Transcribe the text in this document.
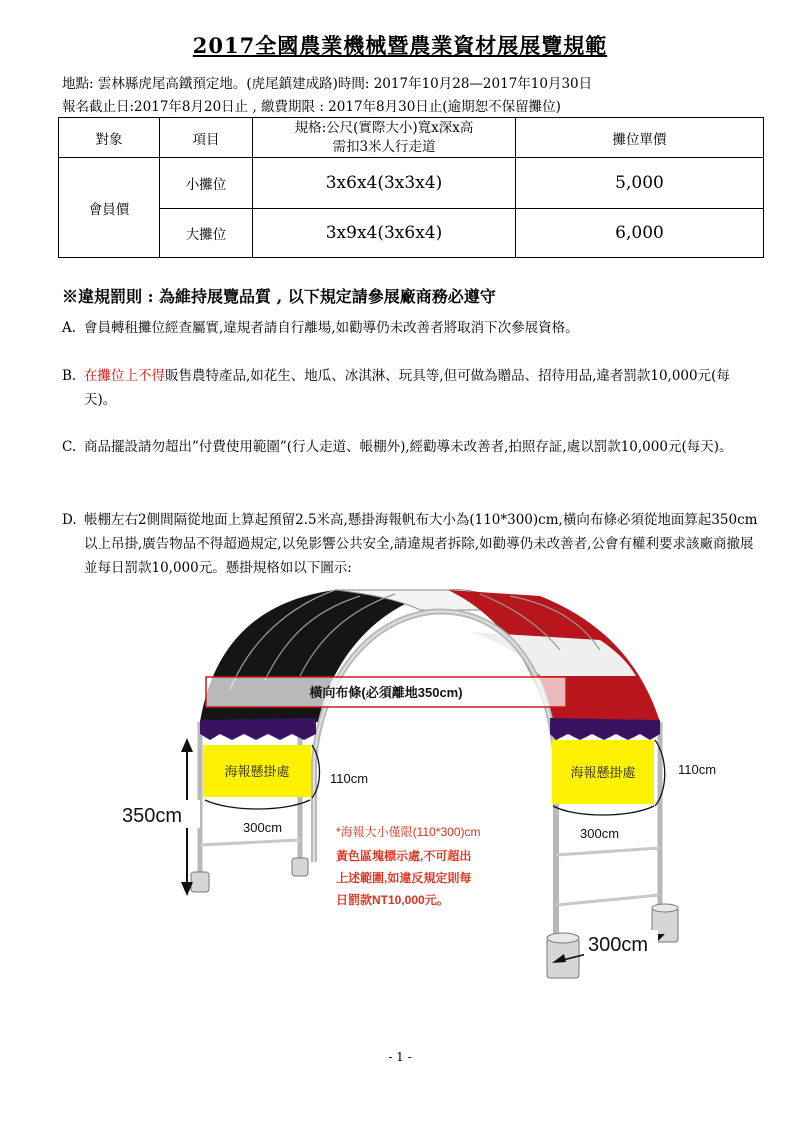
2017全國農業機械暨農業資材展展覽規範
地點: 雲林縣虎尾高鐵預定地。(虎尾鎮建成路)時間: 2017年10月28—2017年10月30日
報名截止日:2017年8月20日止 , 繳費期限 : 2017年8月30日止(逾期恕不保留攤位)
對象	項目	規格:公尺(實際大小)寬x深x高
需扣3米人行走道	攤位單價
會員價	小攤位	3x6x4(3x3x4)	5,000
	大攤位	3x9x4(3x6x4)	6,000
※違規罰則 : 為維持展覽品質 , 以下規定請參展廠商務必遵守
A. 會員轉租攤位經查屬實,違規者請自行離場,如勸導仍未改善者將取消下次參展資格。
B. 在攤位上不得販售農特產品,如花生、地瓜、冰淇淋、玩具等,但可做為贈品、招待用品,違者罰款10,000元(每天)。
C. 商品擺設請勿超出”付費使用範圍”(行人走道、帳棚外),經勸導未改善者,拍照存証,處以罰款10,000元(每天)。
D. 帳棚左右2側間隔從地面上算起預留2.5米高,懸掛海報帆布大小為(110*300)cm,橫向布條必須從地面算起350cm以上吊掛,廣告物品不得超過規定,以免影響公共安全,請違規者拆除,如勸導仍未改善者,公會有權利要求該廠商撤展並每日罰款10,000元。懸掛規格如以下圖示:
橫向布條(必須離地350cm)
海報懸掛處	海報懸掛處
110cm
110cm
300cm	300cm
350cm
300cm
*海報大小僅限(110*300)cm
黃色區塊標示處,不可超出
上述範圍,如違反規定則每
日罰款NT10,000元。
- 1 -
